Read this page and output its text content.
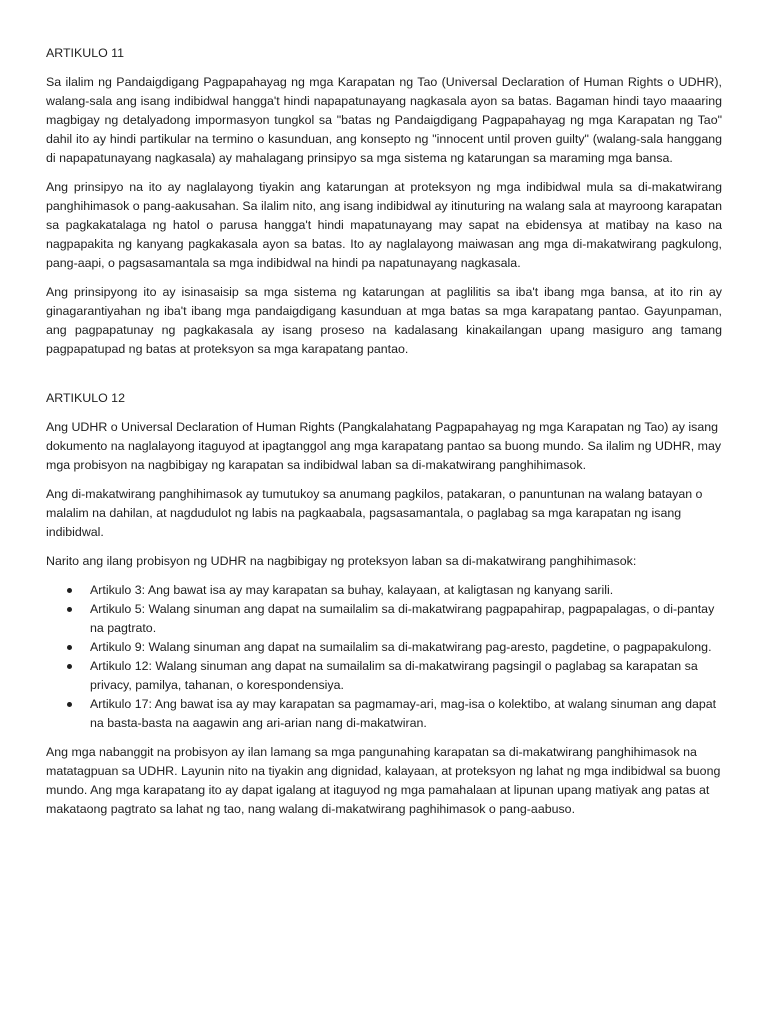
ARTIKULO 11

Sa ilalim ng Pandaigdigang Pagpapahayag ng mga Karapatan ng Tao (Universal Declaration of Human Rights o UDHR), walang-sala ang isang indibidwal hangga't hindi napapatunayang nagkasala ayon sa batas. Bagaman hindi tayo maaaring magbigay ng detalyadong impormasyon tungkol sa "batas ng Pandaigdigang Pagpapahayag ng mga Karapatan ng Tao" dahil ito ay hindi partikular na termino o kasunduan, ang konsepto ng "innocent until proven guilty" (walang-sala hanggang di napapatunayang nagkasala) ay mahalagang prinsipyo sa mga sistema ng katarungan sa maraming mga bansa.

Ang prinsipyo na ito ay naglalayong tiyakin ang katarungan at proteksyon ng mga indibidwal mula sa di-makatwirang panghihimasok o pang-aakusahan. Sa ilalim nito, ang isang indibidwal ay itinuturing na walang sala at mayroong karapatan sa pagkakatalaga ng hatol o parusa hangga't hindi mapatunayang may sapat na ebidensya at matibay na kaso na nagpapakita ng kanyang pagkakasala ayon sa batas. Ito ay naglalayong maiwasan ang mga di-makatwirang pagkulong, pang-aapi, o pagsasamantala sa mga indibidwal na hindi pa napatunayang nagkasala.

Ang prinsipyong ito ay isinasaisip sa mga sistema ng katarungan at paglilitis sa iba't ibang mga bansa, at ito rin ay ginagarantiyahan ng iba't ibang mga pandaigdigang kasunduan at mga batas sa mga karapatang pantao. Gayunpaman, ang pagpapatunay ng pagkakasala ay isang proseso na kadalasang kinakailangan upang masiguro ang tamang pagpapatupad ng batas at proteksyon sa mga karapatang pantao.

ARTIKULO 12

Ang UDHR o Universal Declaration of Human Rights (Pangkalahatang Pagpapahayag ng mga Karapatan ng Tao) ay isang dokumento na naglalayong itaguyod at ipagtanggol ang mga karapatang pantao sa buong mundo. Sa ilalim ng UDHR, may mga probisyon na nagbibigay ng karapatan sa indibidwal laban sa di-makatwirang panghihimasok.

Ang di-makatwirang panghihimasok ay tumutukoy sa anumang pagkilos, patakaran, o panuntunan na walang batayan o malalim na dahilan, at nagdudulot ng labis na pagkaabala, pagsasamantala, o paglabag sa mga karapatan ng isang indibidwal.

Narito ang ilang probisyon ng UDHR na nagbibigay ng proteksyon laban sa di-makatwirang panghihimasok:

Artikulo 3: Ang bawat isa ay may karapatan sa buhay, kalayaan, at kaligtasan ng kanyang sarili.
Artikulo 5: Walang sinuman ang dapat na sumailalim sa di-makatwirang pagpapahirap, pagpapalagas, o di-pantay na pagtrato.
Artikulo 9: Walang sinuman ang dapat na sumailalim sa di-makatwirang pag-aresto, pagdetine, o pagpapakulong.
Artikulo 12: Walang sinuman ang dapat na sumailalim sa di-makatwirang pagsingil o paglabag sa karapatan sa privacy, pamilya, tahanan, o korespondensiya.
Artikulo 17: Ang bawat isa ay may karapatan sa pagmamay-ari, mag-isa o kolektibo, at walang sinuman ang dapat na basta-basta na aagawin ang ari-arian nang di-makatwiran.

Ang mga nabanggit na probisyon ay ilan lamang sa mga pangunahing karapatan sa di-makatwirang panghihimasok na matatagpuan sa UDHR. Layunin nito na tiyakin ang dignidad, kalayaan, at proteksyon ng lahat ng mga indibidwal sa buong mundo. Ang mga karapatang ito ay dapat igalang at itaguyod ng mga pamahalaan at lipunan upang matiyak ang patas at makataong pagtrato sa lahat ng tao, nang walang di-makatwirang paghihimasok o pang-aabuso.
